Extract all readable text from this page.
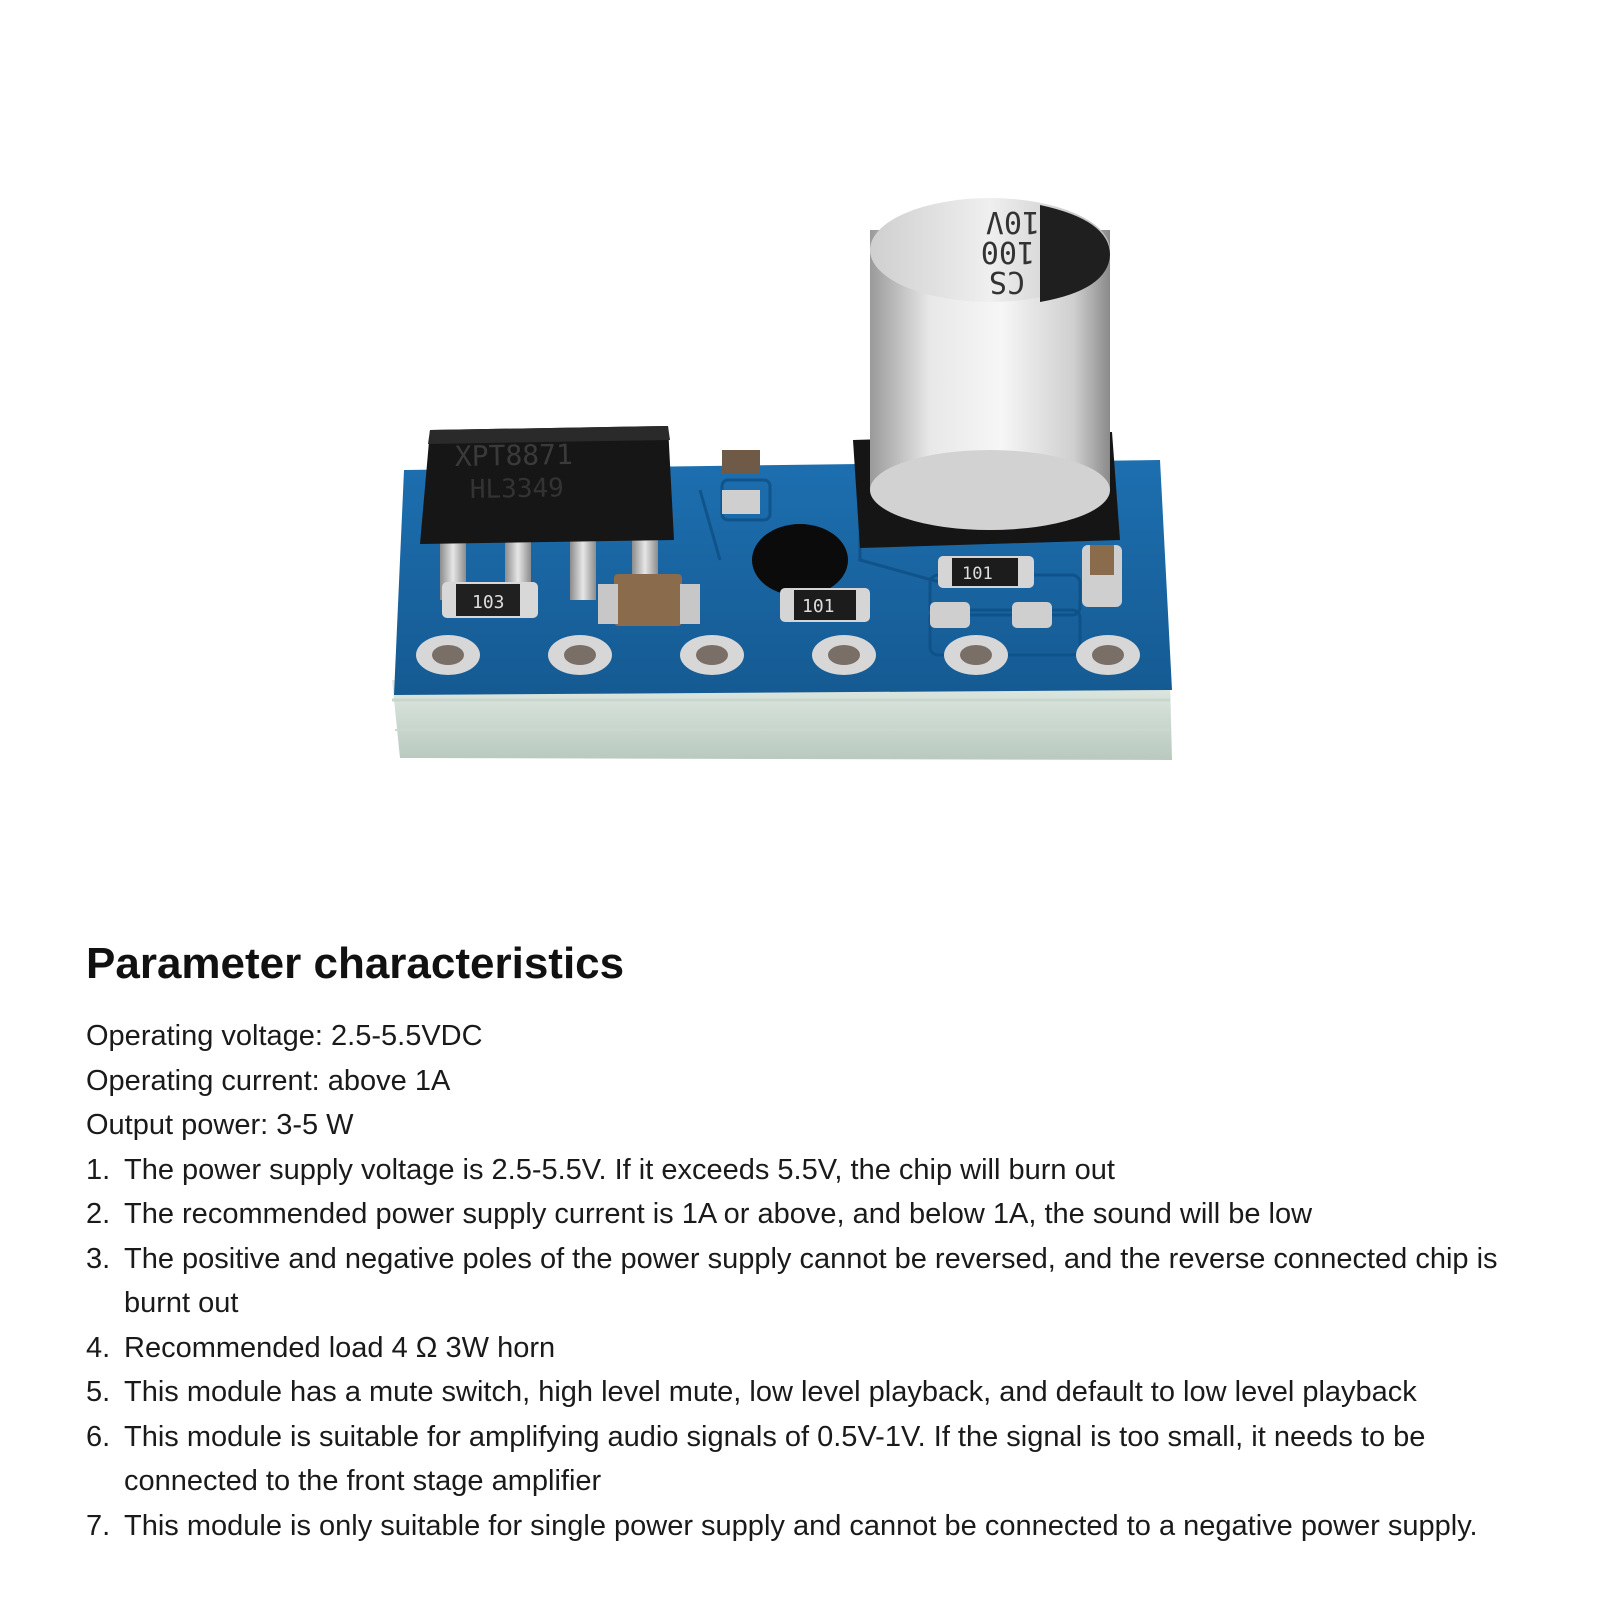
XPT8871
HL3349
103	101
101
CS
100
10V
Parameter characteristics

Operating voltage: 2.5-5.5VDC

Operating current: above 1A

Output power: 3-5 W

1. The power supply voltage is 2.5-5.5V. If it exceeds 5.5V, the chip will burn out
2. The recommended power supply current is 1A or above, and below 1A, the sound will be low
3. The positive and negative poles of the power supply cannot be reversed, and the reverse connected chip is burnt out
4. Recommended load 4 Ω 3W horn
5. This module has a mute switch, high level mute, low level playback, and default to low level playback
6. This module is suitable for amplifying audio signals of 0.5V-1V. If the signal is too small, it needs to be connected to the front stage amplifier
7. This module is only suitable for single power supply and cannot be connected to a negative power supply.
